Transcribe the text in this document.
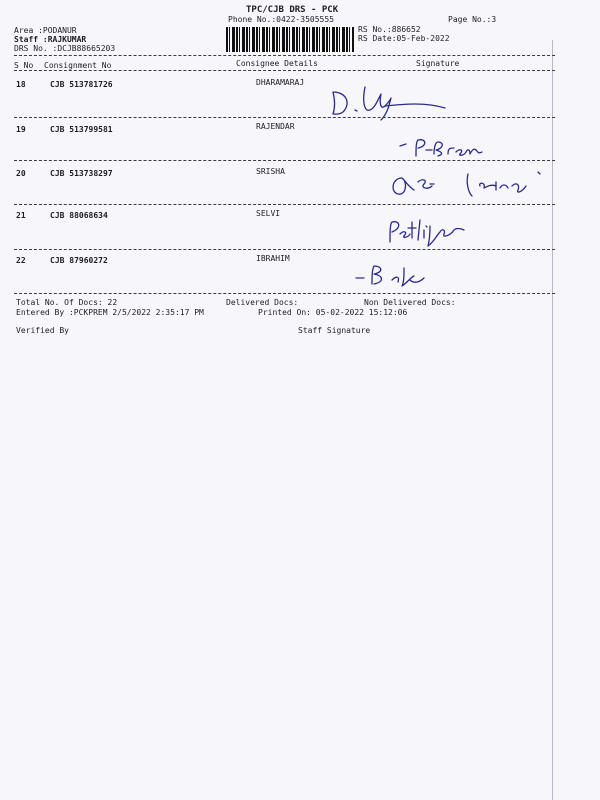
TPC/CJB DRS - PCK
Phone No.:0422-3505555	Page No.:3
Area :PODANUR
Staff :RAJKUMAR
DRS No. :DCJB88665203
RS No.:886652
RS Date:05-Feb-2022
S No Consignment No	Consignee Details	Signature
18	CJB 513781726	DHARAMARAJ
19	CJB 513799581	RAJENDAR
20	CJB 513738297	SRISHA
21	CJB 88068634	SELVI
22	CJB 87960272	IBRAHIM
Total No. Of Docs: 22	Delivered Docs:	Non Delivered Docs:
Entered By :PCKPREM 2/5/2022 2:35:17 PM	Printed On: 05-02-2022 15:12:06
Verified By	Staff Signature
